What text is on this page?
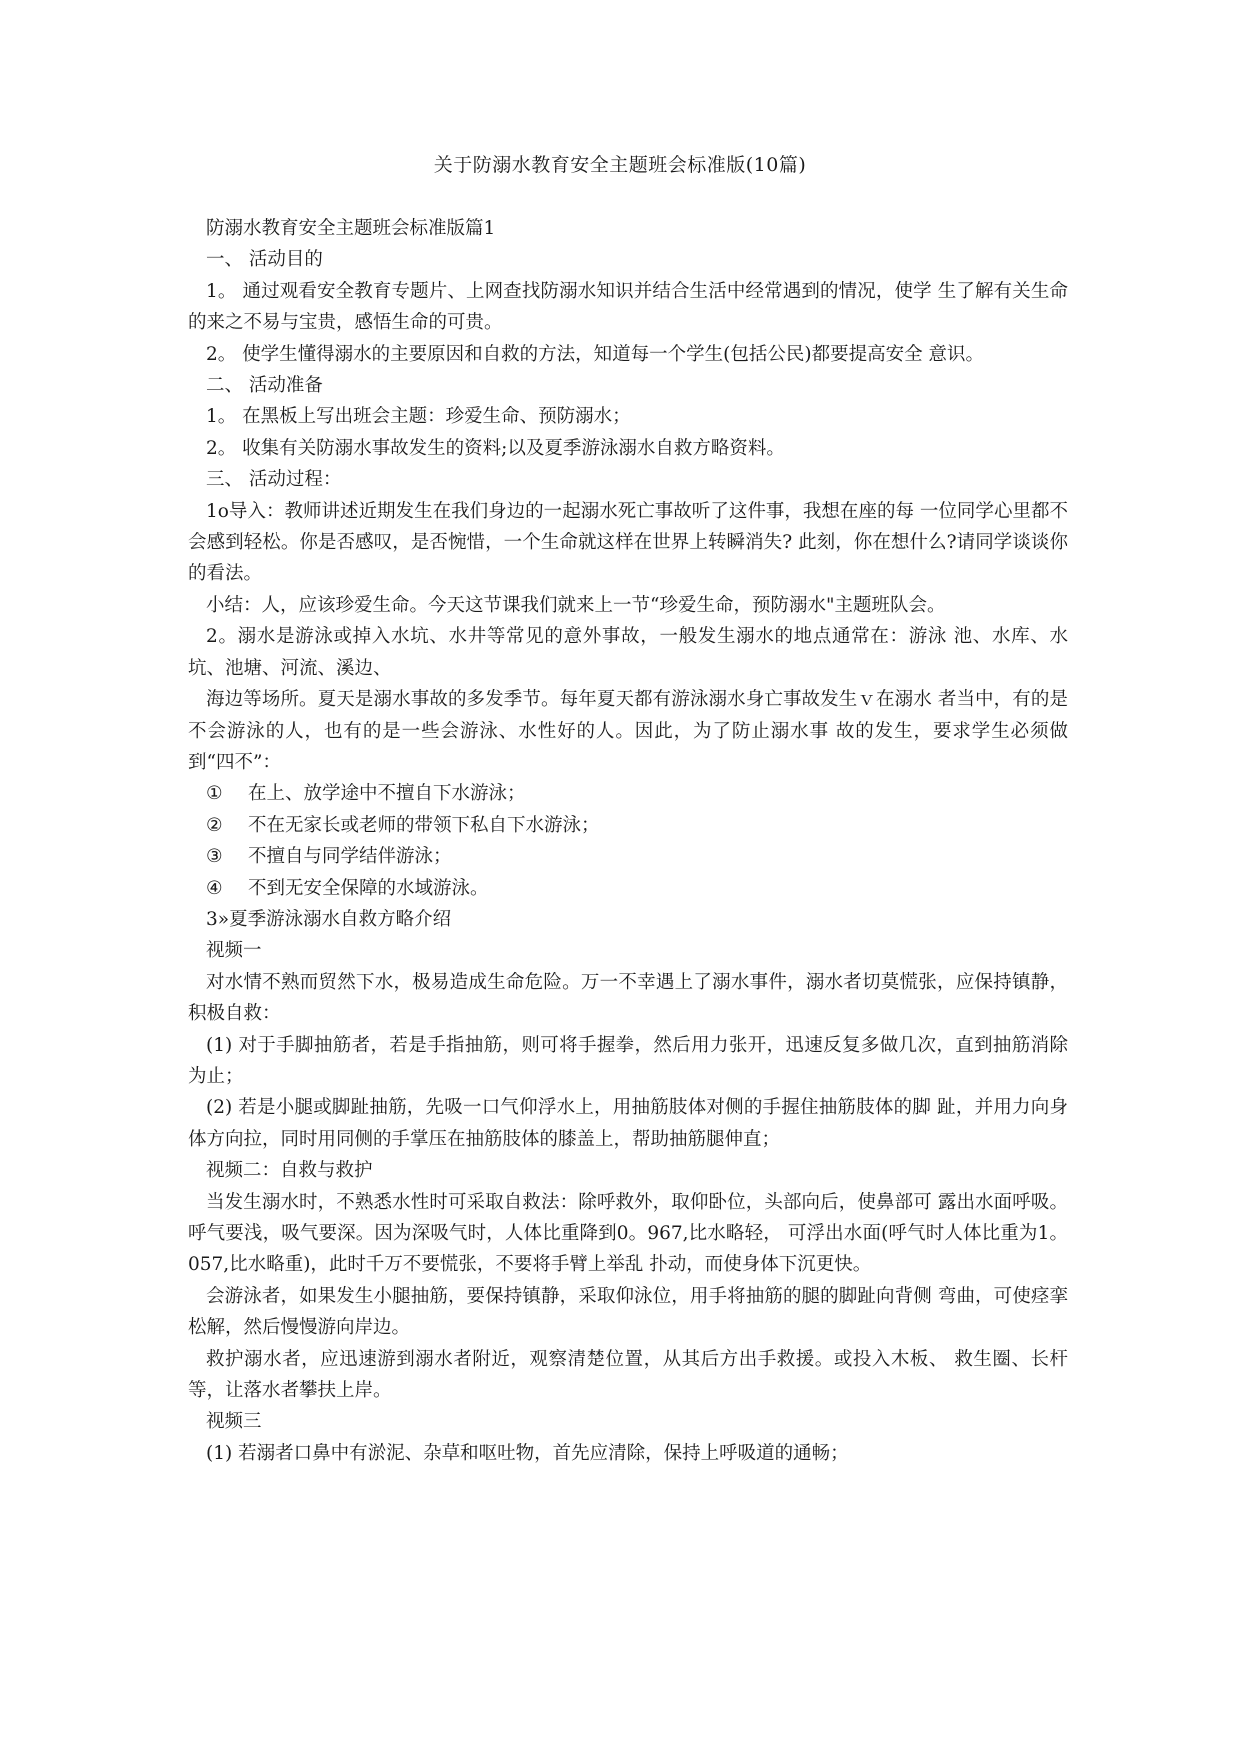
关于防溺水教育安全主题班会标准版(10篇)

防溺水教育安全主题班会标准版篇1

一、 活动目的

1。 通过观看安全教育专题片、上网查找防溺水知识并结合生活中经常遇到的情况，使学 生了解有关生命的来之不易与宝贵，感悟生命的可贵。

2。 使学生懂得溺水的主要原因和自救的方法，知道每一个学生(包括公民)都要提高安全 意识。

二、 活动准备

1。 在黑板上写出班会主题：珍爱生命、预防溺水；

2。 收集有关防溺水事故发生的资料;以及夏季游泳溺水自救方略资料。

三、 活动过程：

1o导入：教师讲述近期发生在我们身边的一起溺水死亡事故听了这件事，我想在座的每 一位同学心里都不会感到轻松。你是否感叹，是否惋惜，一个生命就这样在世界上转瞬消失? 此刻，你在想什么?请同学谈谈你的看法。

小结：人，应该珍爱生命。今天这节课我们就来上一节“珍爱生命，预防溺水"主题班队会。

2。溺水是游泳或掉入水坑、水井等常见的意外事故，一般发生溺水的地点通常在：游泳 池、水库、水坑、池塘、河流、溪边、

海边等场所。夏天是溺水事故的多发季节。每年夏天都有游泳溺水身亡事故发生ｖ在溺水 者当中，有的是不会游泳的人，也有的是一些会游泳、水性好的人。因此，为了防止溺水事 故的发生，要求学生必须做到“四不”：

① 在上、放学途中不擅自下水游泳；

② 不在无家长或老师的带领下私自下水游泳；

③ 不擅自与同学结伴游泳；

④ 不到无安全保障的水域游泳。

3»夏季游泳溺水自救方略介绍

视频一

对水情不熟而贸然下水，极易造成生命危险。万一不幸遇上了溺水事件，溺水者切莫慌张，应保持镇静，积极自救：

(1) 对于手脚抽筋者，若是手指抽筋，则可将手握拳，然后用力张开，迅速反复多做几次，直到抽筋消除为止；

(2) 若是小腿或脚趾抽筋，先吸一口气仰浮水上，用抽筋肢体对侧的手握住抽筋肢体的脚 趾，并用力向身体方向拉，同时用同侧的手掌压在抽筋肢体的膝盖上，帮助抽筋腿伸直；

视频二：自救与救护

当发生溺水时，不熟悉水性时可采取自救法：除呼救外，取仰卧位，头部向后，使鼻部可 露出水面呼吸。呼气要浅，吸气要深。因为深吸气时，人体比重降到0。967,比水略轻， 可浮出水面(呼气时人体比重为1。057,比水略重)，此时千万不要慌张，不要将手臂上举乱 扑动，而使身体下沉更快。

会游泳者，如果发生小腿抽筋，要保持镇静，采取仰泳位，用手将抽筋的腿的脚趾向背侧 弯曲，可使痉挛松解，然后慢慢游向岸边。

救护溺水者，应迅速游到溺水者附近，观察清楚位置，从其后方出手救援。或投入木板、 救生圈、长杆等，让落水者攀扶上岸。

视频三

(1) 若溺者口鼻中有淤泥、杂草和呕吐物，首先应清除，保持上呼吸道的通畅；
